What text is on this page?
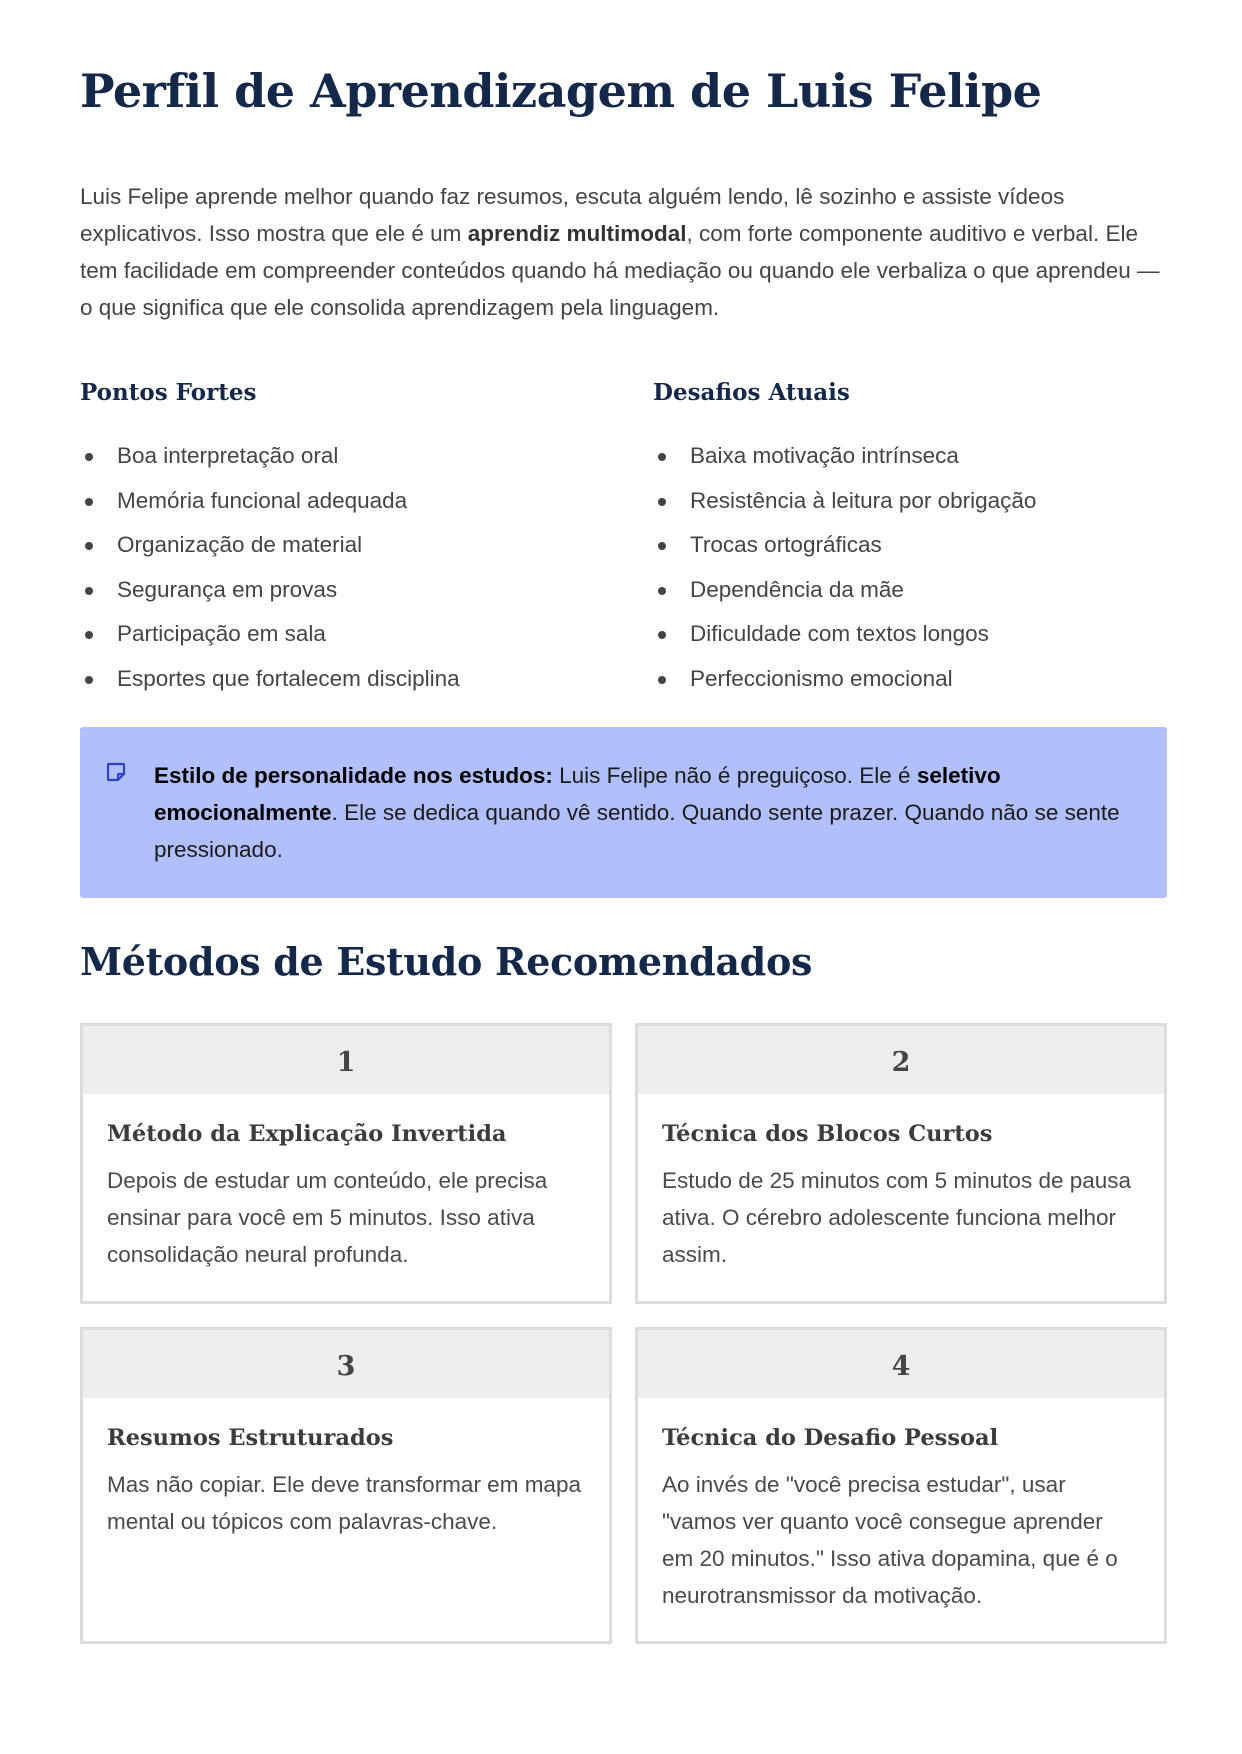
Perfil de Aprendizagem de Luis Felipe

Luis Felipe aprende melhor quando faz resumos, escuta alguém lendo, lê sozinho e assiste vídeos explicativos. Isso mostra que ele é um aprendiz multimodal, com forte componente auditivo e verbal. Ele tem facilidade em compreender conteúdos quando há mediação ou quando ele verbaliza o que aprendeu — o que significa que ele consolida aprendizagem pela linguagem.

Pontos Fortes
Boa interpretação oral
Memória funcional adequada
Organização de material
Segurança em provas
Participação em sala
Esportes que fortalecem disciplina
Desafios Atuais
Baixa motivação intrínseca
Resistência à leitura por obrigação
Trocas ortográficas
Dependência da mãe
Dificuldade com textos longos
Perfeccionismo emocional

Estilo de personalidade nos estudos: Luis Felipe não é preguiçoso. Ele é seletivo emocionalmente. Ele se dedica quando vê sentido. Quando sente prazer. Quando não se sente pressionado.

Métodos de Estudo Recomendados
1
Método da Explicação Invertida

Depois de estudar um conteúdo, ele precisa ensinar para você em 5 minutos. Isso ativa consolidação neural profunda.

2
Técnica dos Blocos Curtos

Estudo de 25 minutos com 5 minutos de pausa ativa. O cérebro adolescente funciona melhor assim.

3
Resumos Estruturados

Mas não copiar. Ele deve transformar em mapa mental ou tópicos com palavras-chave.

4
Técnica do Desafio Pessoal

Ao invés de "você precisa estudar", usar "vamos ver quanto você consegue aprender em 20 minutos." Isso ativa dopamina, que é o neurotransmissor da motivação.
